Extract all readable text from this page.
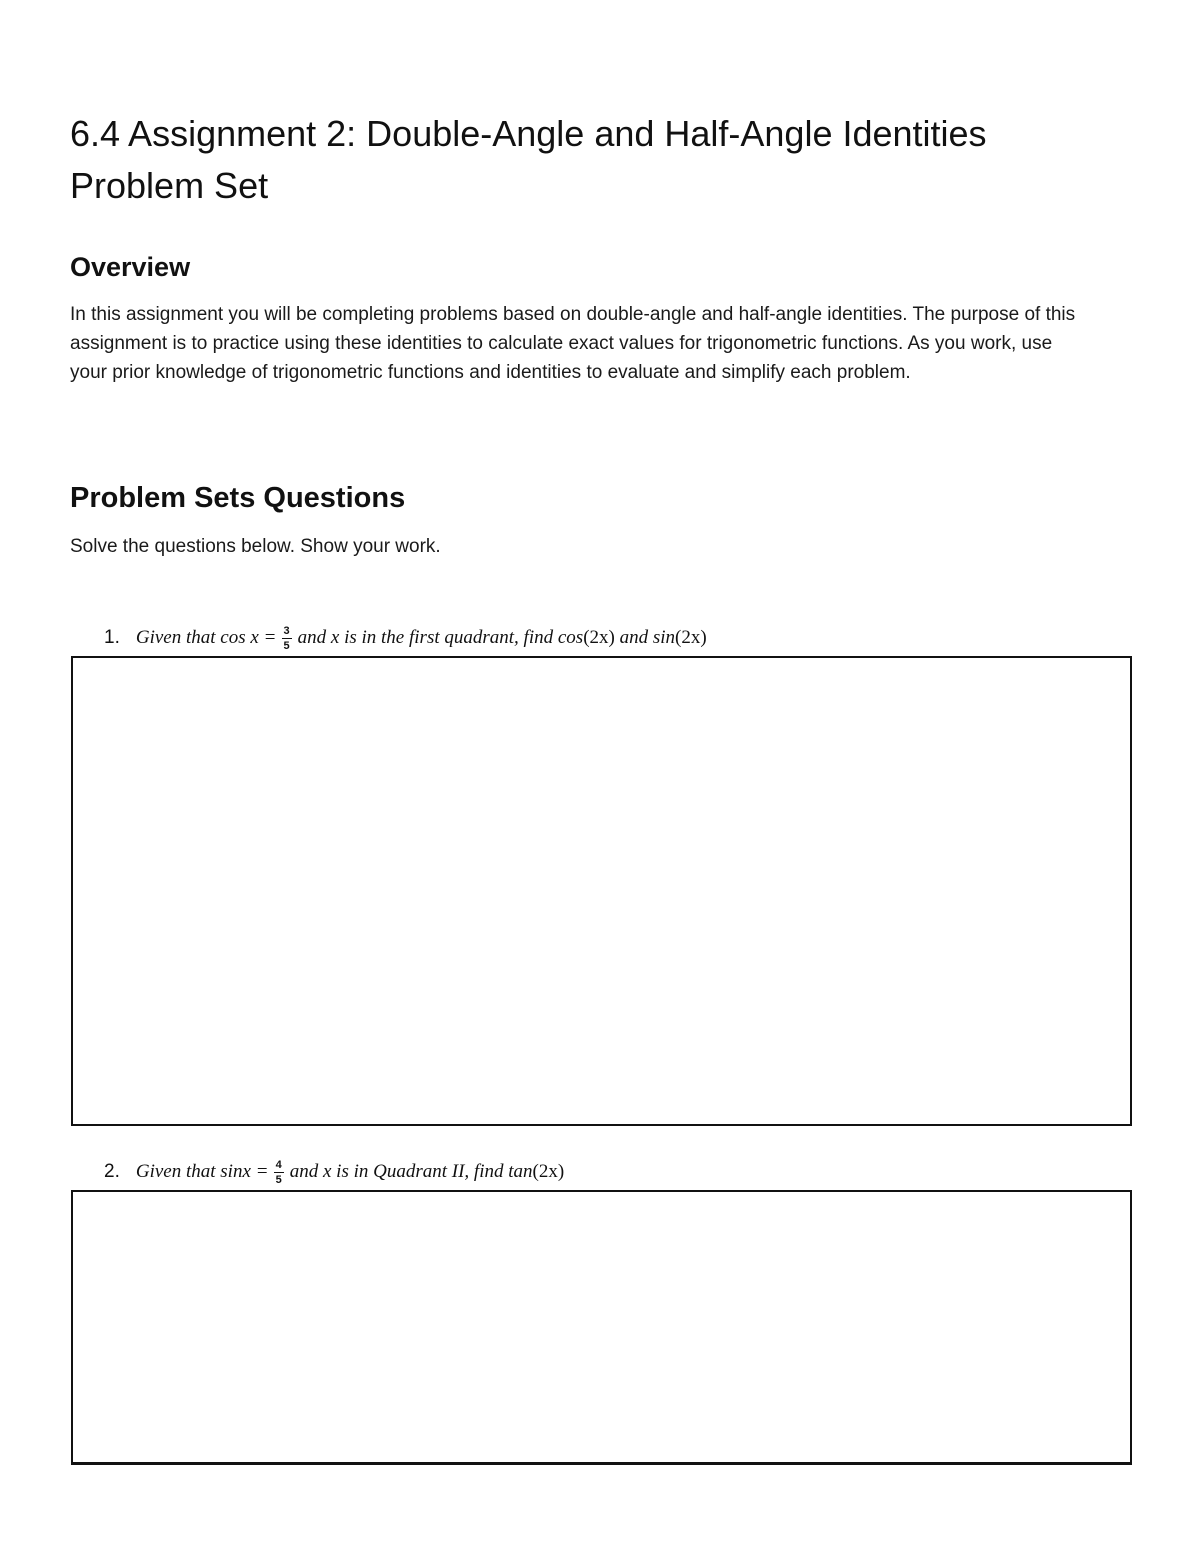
6.4 Assignment 2: Double-Angle and Half-Angle Identities Problem Set
Overview

In this assignment you will be completing problems based on double-angle and half-angle identities. The purpose of this assignment is to practice using these identities to calculate exact values for trigonometric functions. As you work, use your prior knowledge of trigonometric functions and identities to evaluate and simplify each problem.

Problem Sets Questions

Solve the questions below. Show your work.

1. Given that $\cos x = \frac{3}{5}$ and x is in the first quadrant,
find cos (2x)
and sin (2x)
2. Given that $\sin x = \frac{4}{5}$ and x is in Quadrant II,
find tan (2x)
